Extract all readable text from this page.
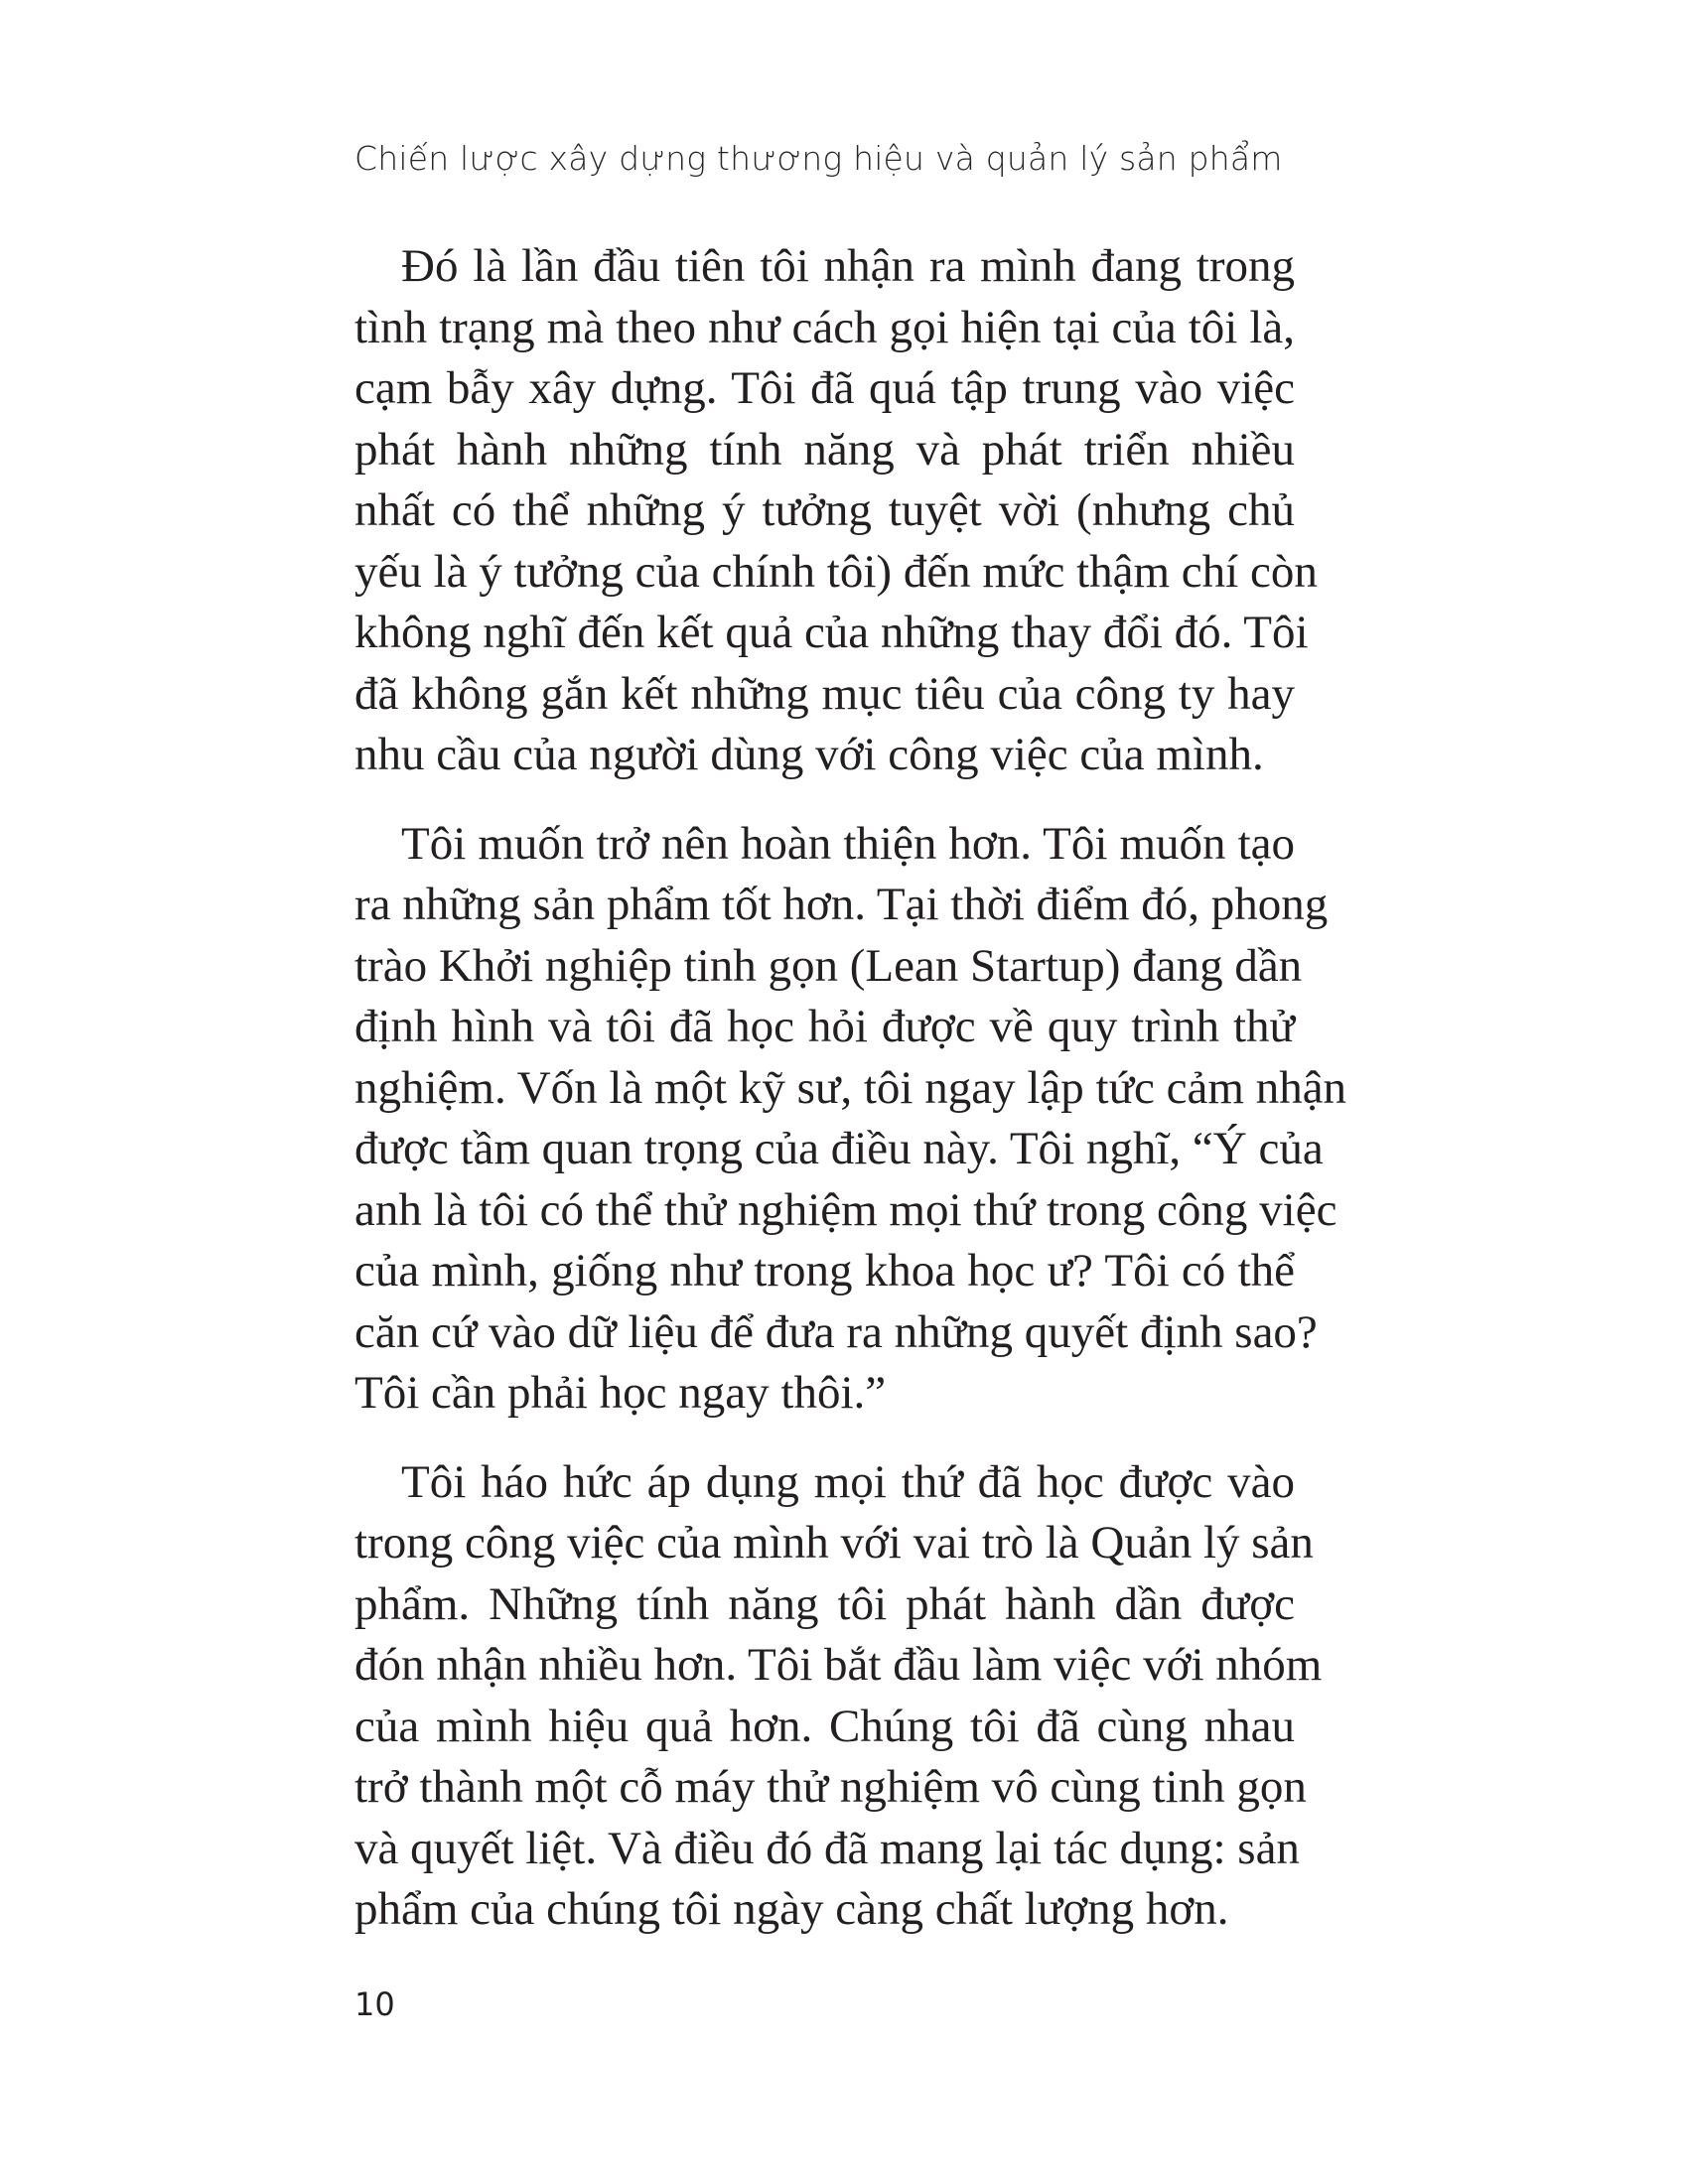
Chiến lược xây dựng thương hiệu và quản lý sản phẩm

Đó là lần đầu tiên tôi nhận ra mình đang trong
tình trạng mà theo như cách gọi hiện tại của tôi là,
cạm bẫy xây dựng. Tôi đã quá tập trung vào việc
phát hành những tính năng và phát triển nhiều
nhất có thể những ý tưởng tuyệt vời (nhưng chủ
yếu là ý tưởng của chính tôi) đến mức thậm chí còn
không nghĩ đến kết quả của những thay đổi đó. Tôi
đã không gắn kết những mục tiêu của công ty hay
nhu cầu của người dùng với công việc của mình.

Tôi muốn trở nên hoàn thiện hơn. Tôi muốn tạo
ra những sản phẩm tốt hơn. Tại thời điểm đó, phong
trào Khởi nghiệp tinh gọn (Lean Startup) đang dần
định hình và tôi đã học hỏi được về quy trình thử
nghiệm. Vốn là một kỹ sư, tôi ngay lập tức cảm nhận
được tầm quan trọng của điều này. Tôi nghĩ, “Ý của
anh là tôi có thể thử nghiệm mọi thứ trong công việc
của mình, giống như trong khoa học ư? Tôi có thể
căn cứ vào dữ liệu để đưa ra những quyết định sao?
Tôi cần phải học ngay thôi.”

Tôi háo hức áp dụng mọi thứ đã học được vào
trong công việc của mình với vai trò là Quản lý sản
phẩm. Những tính năng tôi phát hành dần được
đón nhận nhiều hơn. Tôi bắt đầu làm việc với nhóm
của mình hiệu quả hơn. Chúng tôi đã cùng nhau
trở thành một cỗ máy thử nghiệm vô cùng tinh gọn
và quyết liệt. Và điều đó đã mang lại tác dụng: sản
phẩm của chúng tôi ngày càng chất lượng hơn.

10
